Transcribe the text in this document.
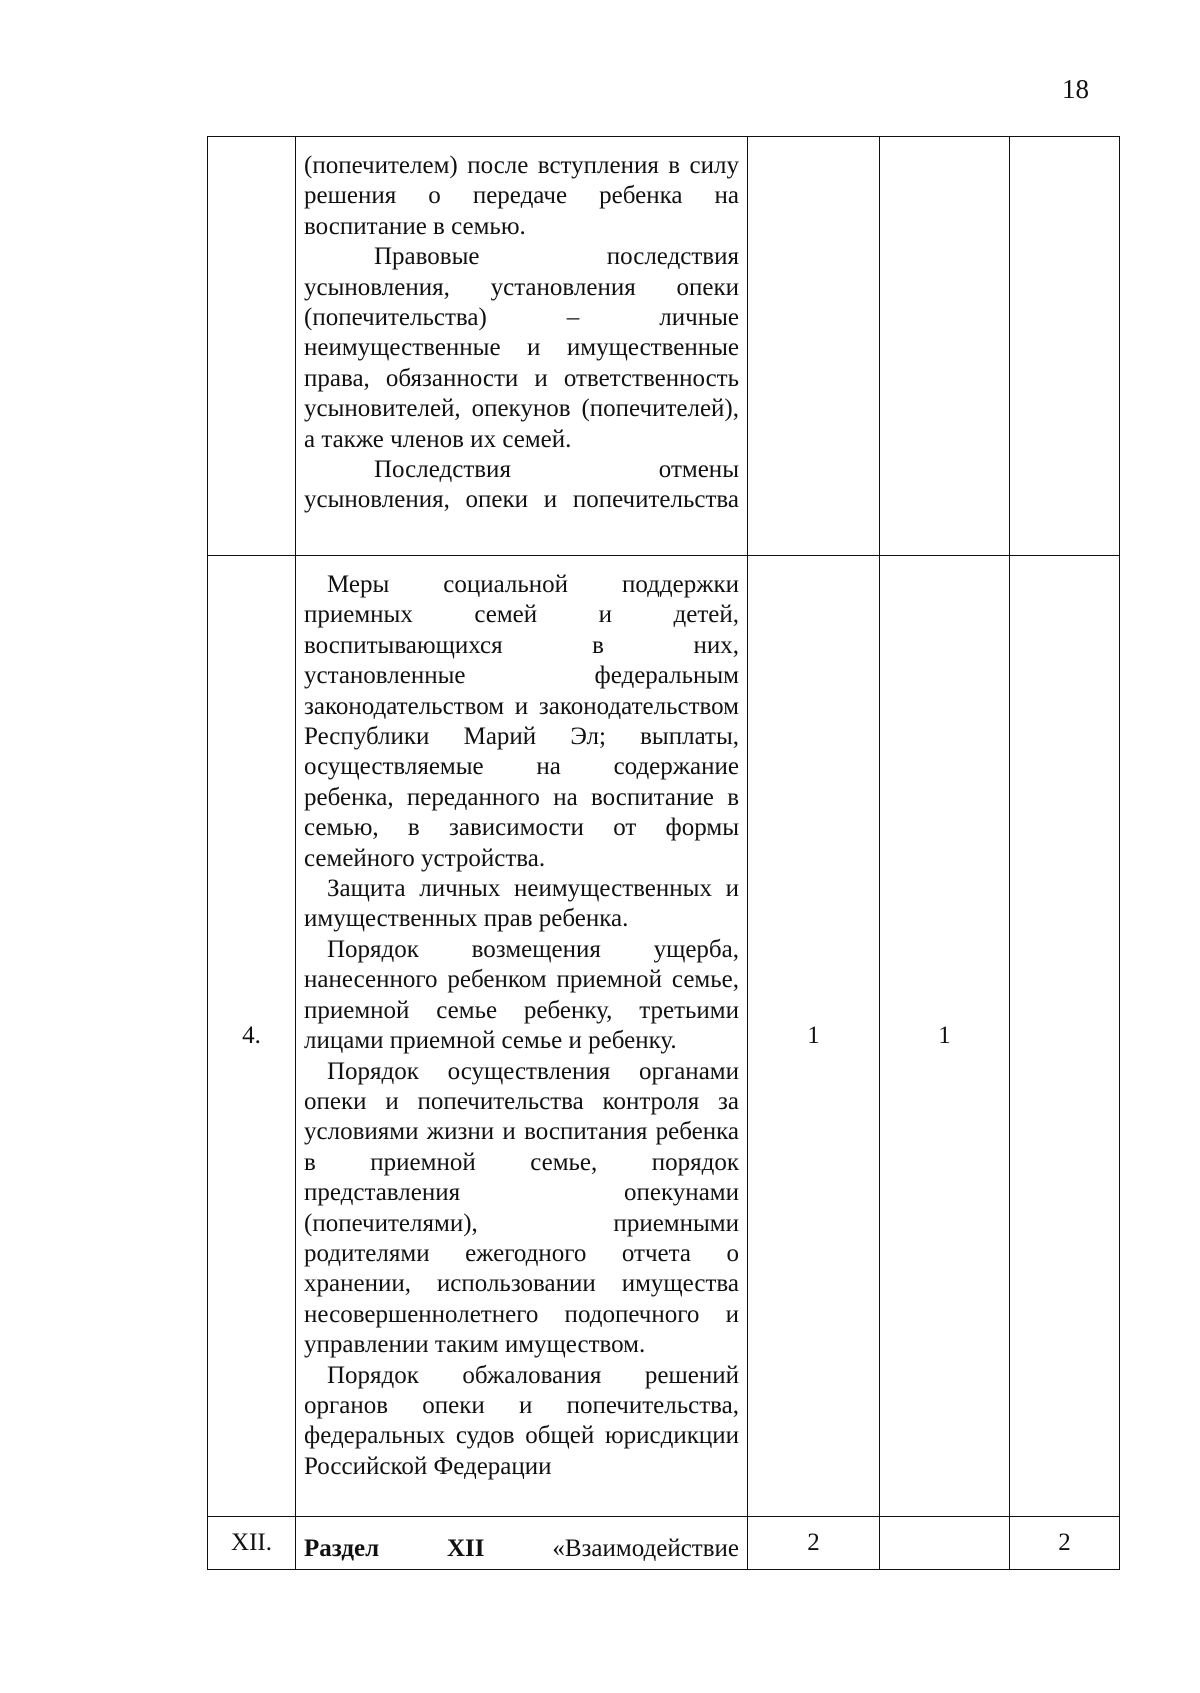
18

	(попечителем) после вступления в силу решения о передаче ребенка на воспитание в семью.

Правовые последствия усыновления, установления опеки (попечительства) – личные неимущественные и имущественные права, обязанности и ответственность усыновителей, опекунов (попечителей), а также членов их семей.

Последствия отмены усыновления, опеки и попечительства			

4.	Меры социальной поддержки приемных семей и детей, воспитывающихся в них, установленные федеральным законодательством и законодательством Республики Марий Эл; выплаты, осуществляемые на содержание ребенка, переданного на воспитание в семью, в зависимости от формы семейного устройства.

Защита личных неимущественных и имущественных прав ребенка.

Порядок возмещения ущерба, нанесенного ребенком приемной семье, приемной семье ребенку, третьими лицами приемной семье и ребенку.

Порядок осуществления органами опеки и попечительства контроля за условиями жизни и воспитания ребенка в приемной семье, порядок представления опекунами (попечителями), приемными родителями ежегодного отчета о хранении, использовании имущества несовершеннолетнего подопечного и управлении таким имуществом.

Порядок обжалования решений органов опеки и попечительства, федеральных судов общей юрисдикции Российской Федерации	1	1	
XII.	Раздел XII «Взаимодействие	2		2
